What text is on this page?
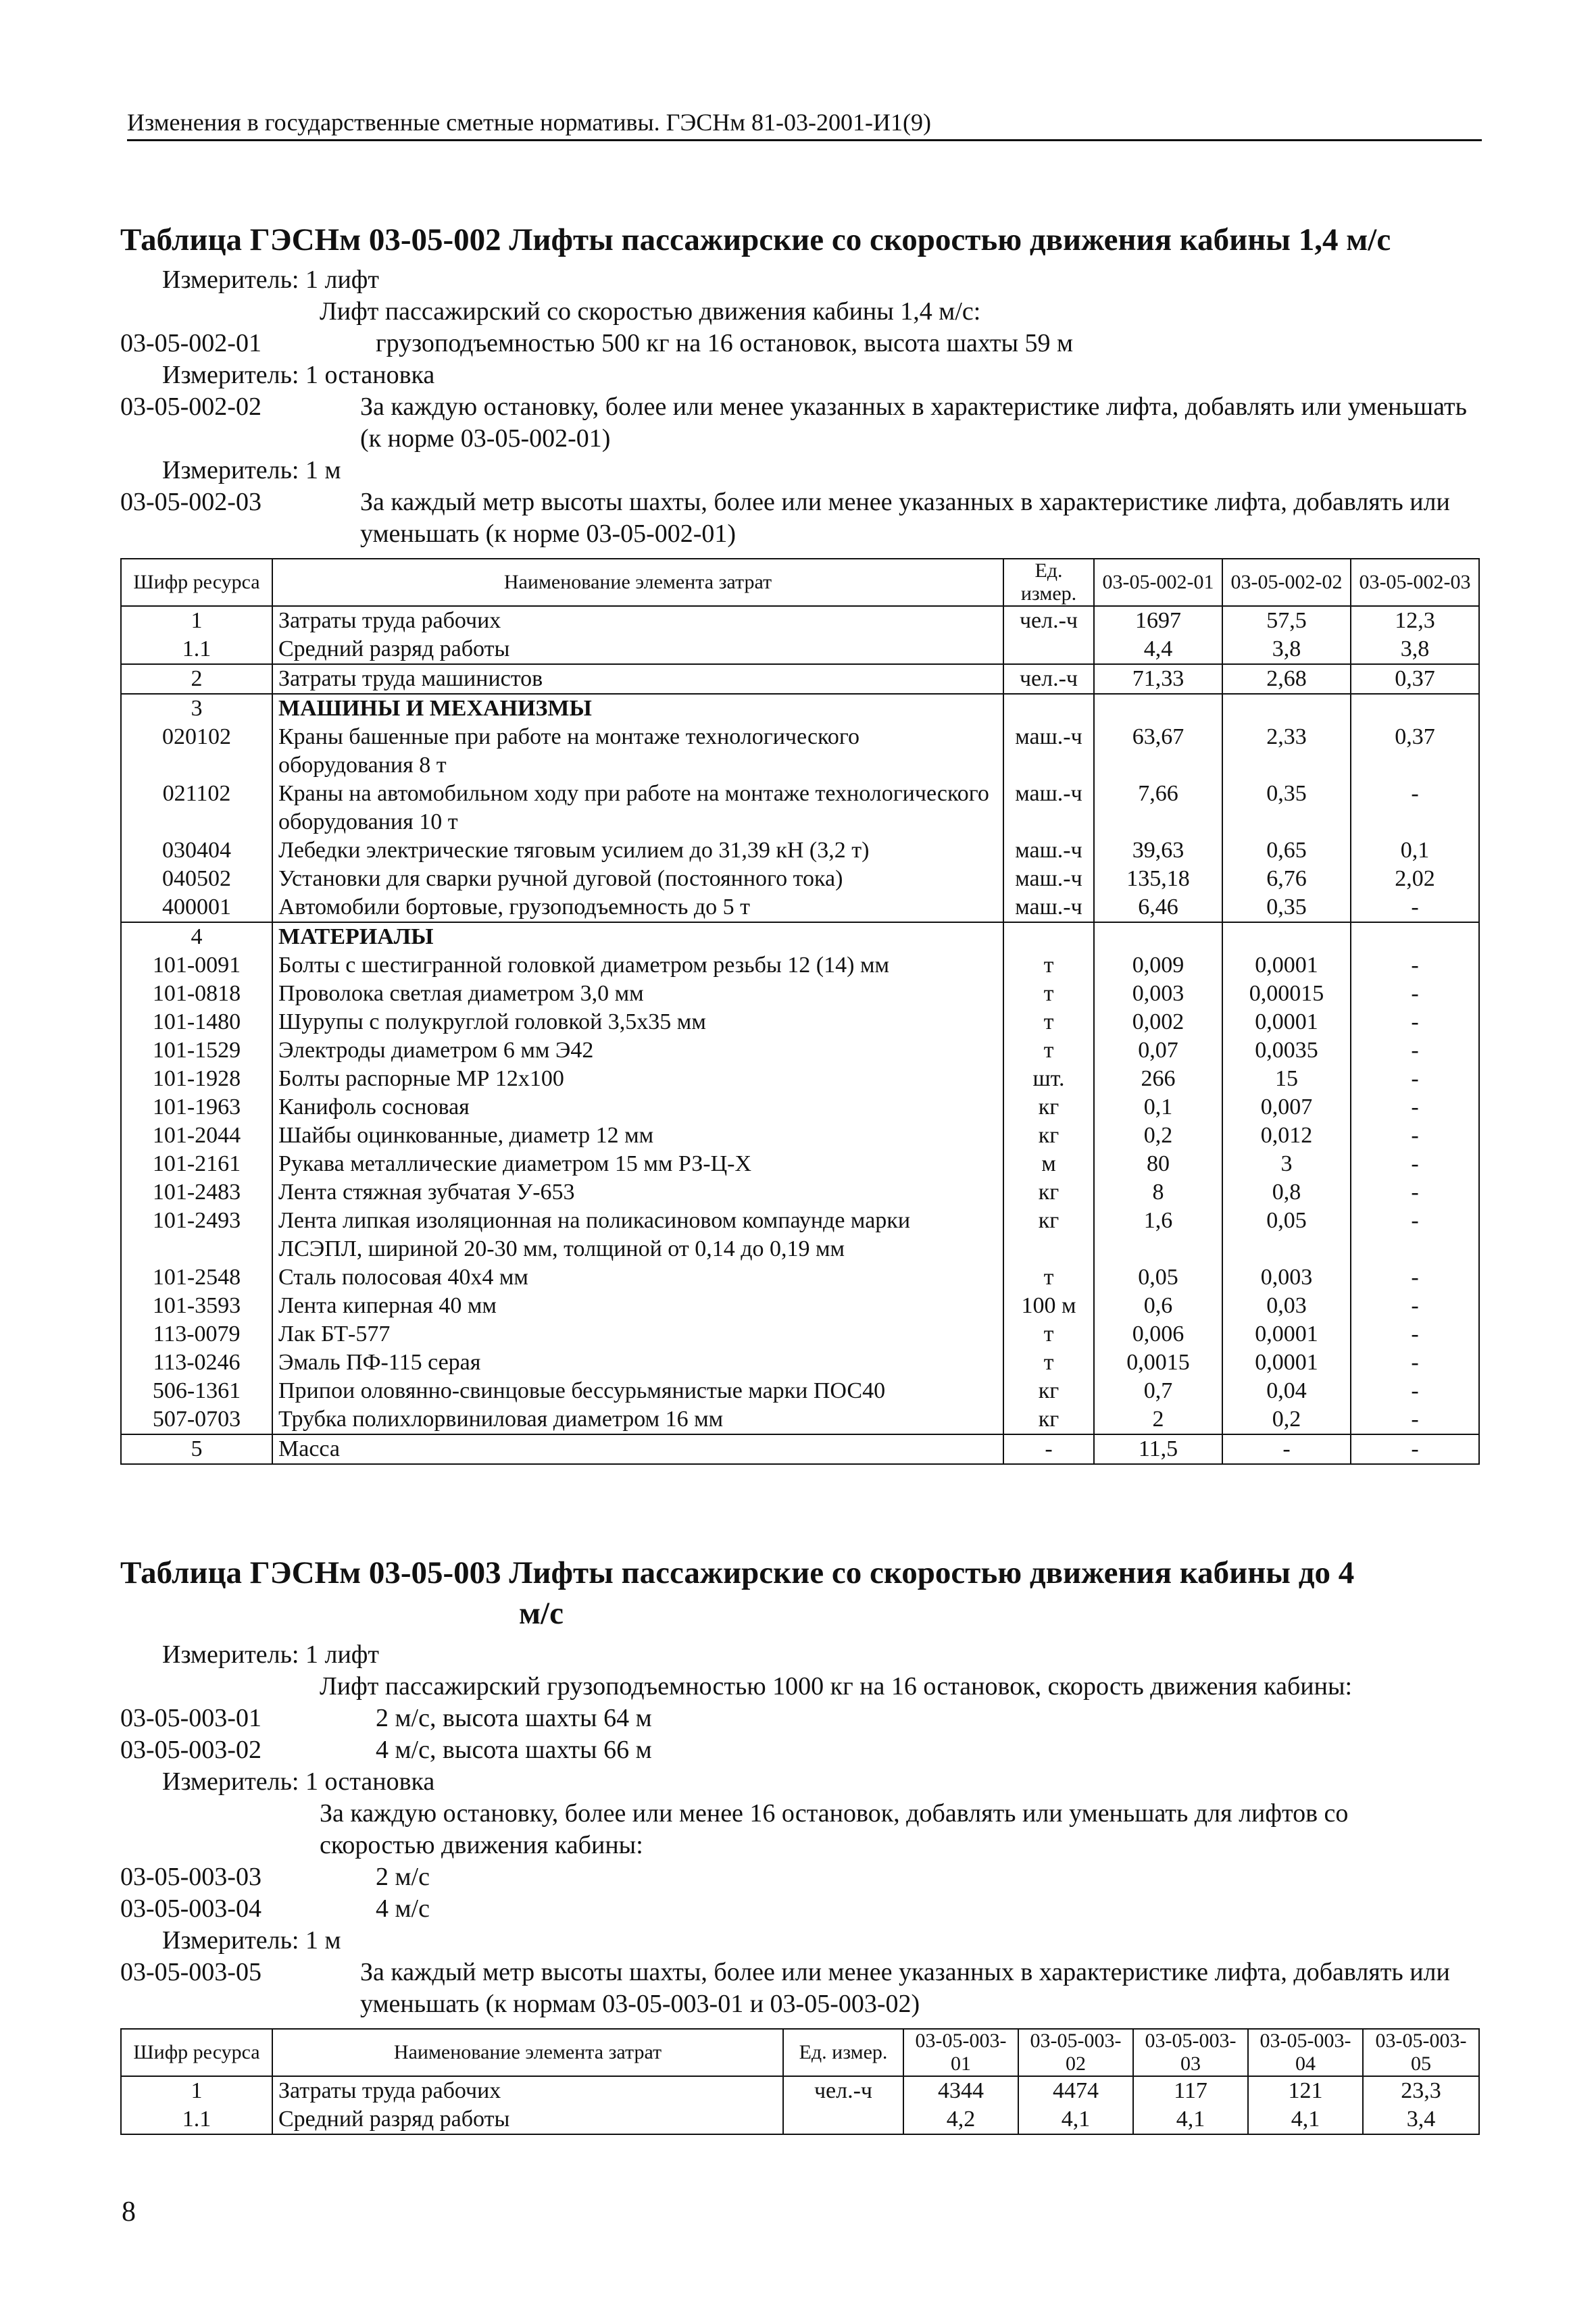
Изменения в государственные сметные нормативы. ГЭСНм 81-03-2001-И1(9)
Таблица ГЭСНм 03-05-002 Лифты пассажирские со скоростью движения кабины 1,4 м/с
Измеритель: 1 лифт
Лифт пассажирский со скоростью движения кабины 1,4 м/с:
03-05-002-01	грузоподъемностью 500 кг на 16 остановок, высота шахты 59 м
Измеритель: 1 остановка
03-05-002-02	За каждую остановку, более или менее указанных в характеристике лифта, добавлять или уменьшать (к норме 03-05-002-01)
Измеритель: 1 м
03-05-002-03	За каждый метр высоты шахты, более или менее указанных в характеристике лифта, добавлять или уменьшать (к норме 03-05-002-01)
Шифр ресурса	Наименование элемента затрат	Ед. измер.	03-05-002-01	03-05-002-02	03-05-002-03
1	Затраты труда рабочих	чел.-ч	1697	57,5	12,3
1.1	Средний разряд работы		4,4	3,8	3,8
2	Затраты труда машинистов	чел.-ч	71,33	2,68	0,37
3	МАШИНЫ И МЕХАНИЗМЫ				
020102	Краны башенные при работе на монтаже технологического оборудования 8 т	маш.-ч	63,67	2,33	0,37
021102	Краны на автомобильном ходу при работе на монтаже технологического оборудования 10 т	маш.-ч	7,66	0,35	-
030404	Лебедки электрические тяговым усилием до 31,39 кН (3,2 т)	маш.-ч	39,63	0,65	0,1
040502	Установки для сварки ручной дуговой (постоянного тока)	маш.-ч	135,18	6,76	2,02
400001	Автомобили бортовые, грузоподъемность до 5 т	маш.-ч	6,46	0,35	-
4	МАТЕРИАЛЫ				
101-0091	Болты с шестигранной головкой диаметром резьбы 12 (14) мм	т	0,009	0,0001	-
101-0818	Проволока светлая диаметром 3,0 мм	т	0,003	0,00015	-
101-1480	Шурупы с полукруглой головкой 3,5х35 мм	т	0,002	0,0001	-
101-1529	Электроды диаметром 6 мм Э42	т	0,07	0,0035	-
101-1928	Болты распорные МР 12х100	шт.	266	15	-
101-1963	Канифоль сосновая	кг	0,1	0,007	-
101-2044	Шайбы оцинкованные, диаметр 12 мм	кг	0,2	0,012	-
101-2161	Рукава металлические диаметром 15 мм РЗ-Ц-Х	м	80	3	-
101-2483	Лента стяжная зубчатая У-653	кг	8	0,8	-
101-2493	Лента липкая изоляционная на поликасиновом компаунде марки ЛСЭПЛ, шириной 20-30 мм, толщиной от 0,14 до 0,19 мм	кг	1,6	0,05	-
101-2548	Сталь полосовая 40х4 мм	т	0,05	0,003	-
101-3593	Лента киперная 40 мм	100 м	0,6	0,03	-
113-0079	Лак БТ-577	т	0,006	0,0001	-
113-0246	Эмаль ПФ-115 серая	т	0,0015	0,0001	-
506-1361	Припои оловянно-свинцовые бессурьмянистые марки ПОС40	кг	0,7	0,04	-
507-0703	Трубка полихлорвиниловая диаметром 16 мм	кг	2	0,2	-
5	Масса	-	11,5	-	-
Таблица ГЭСНм 03-05-003 Лифты пассажирские со скоростью движения кабины до 4
м/с
Измеритель: 1 лифт
Лифт пассажирский грузоподъемностью 1000 кг на 16 остановок, скорость движения кабины:
03-05-003-01	2 м/с, высота шахты 64 м
03-05-003-02	4 м/с, высота шахты 66 м
Измеритель: 1 остановка
За каждую остановку, более или менее 16 остановок, добавлять или уменьшать для лифтов со скоростью движения кабины:
03-05-003-03	2 м/с
03-05-003-04	4 м/с
Измеритель: 1 м
03-05-003-05	За каждый метр высоты шахты, более или менее указанных в характеристике лифта, добавлять или уменьшать (к нормам 03-05-003-01 и 03-05-003-02)
Шифр ресурса	Наименование элемента затрат	Ед. измер.	03-05-003-01	03-05-003-02	03-05-003-03	03-05-003-04	03-05-003-05
1	Затраты труда рабочих	чел.-ч	4344	4474	117	121	23,3
1.1	Средний разряд работы		4,2	4,1	4,1	4,1	3,4
8
